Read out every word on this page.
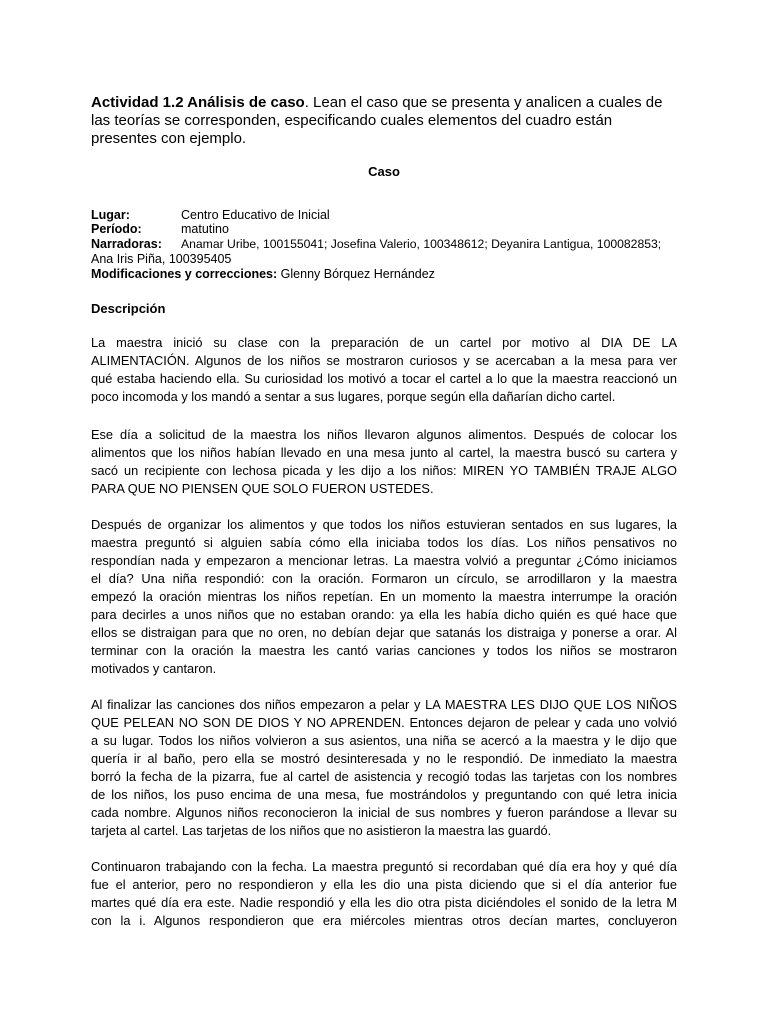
Actividad 1.2 Análisis de caso. Lean el caso que se presenta y analicen a cuales de las teorías se corresponden, especificando cuales elementos del cuadro están presentes con ejemplo.
Caso
Lugar:	Centro Educativo de Inicial
Período:	matutino
Narradoras: Anamar Uribe, 100155041; Josefina Valerio, 100348612; Deyanira Lantigua, 100082853;
Ana Iris Piña, 100395405
Modificaciones y correcciones: Glenny Bórquez Hernández
Descripción
La maestra inició su clase con la preparación de un cartel por motivo al DIA DE LA
ALIMENTACIÓN. Algunos de los niños se mostraron curiosos y se acercaban a la mesa para ver
qué estaba haciendo ella. Su curiosidad los motivó a tocar el cartel a lo que la maestra reaccionó un
poco incomoda y los mandó a sentar a sus lugares, porque según ella dañarían dicho cartel.
Ese día a solicitud de la maestra los niños llevaron algunos alimentos. Después de colocar los
alimentos que los niños habían llevado en una mesa junto al cartel, la maestra buscó su cartera y
sacó un recipiente con lechosa picada y les dijo a los niños: MIREN YO TAMBIÉN TRAJE ALGO
PARA QUE NO PIENSEN QUE SOLO FUERON USTEDES.
Después de organizar los alimentos y que todos los niños estuvieran sentados en sus lugares, la
maestra preguntó si alguien sabía cómo ella iniciaba todos los días. Los niños pensativos no
respondían nada y empezaron a mencionar letras. La maestra volvió a preguntar ¿Cómo iniciamos
el día? Una niña respondió: con la oración. Formaron un círculo, se arrodillaron y la maestra
empezó la oración mientras los niños repetían. En un momento la maestra interrumpe la oración
para decirles a unos niños que no estaban orando: ya ella les había dicho quién es qué hace que
ellos se distraigan para que no oren, no debían dejar que satanás los distraiga y ponerse a orar. Al
terminar con la oración la maestra les cantó varias canciones y todos los niños se mostraron
motivados y cantaron.
Al finalizar las canciones dos niños empezaron a pelar y LA MAESTRA LES DIJO QUE LOS NIÑOS
QUE PELEAN NO SON DE DIOS Y NO APRENDEN. Entonces dejaron de pelear y cada uno volvió
a su lugar. Todos los niños volvieron a sus asientos, una niña se acercó a la maestra y le dijo que
quería ir al baño, pero ella se mostró desinteresada y no le respondió. De inmediato la maestra
borró la fecha de la pizarra, fue al cartel de asistencia y recogió todas las tarjetas con los nombres
de los niños, los puso encima de una mesa, fue mostrándolos y preguntando con qué letra inicia
cada nombre. Algunos niños reconocieron la inicial de sus nombres y fueron parándose a llevar su
tarjeta al cartel. Las tarjetas de los niños que no asistieron la maestra las guardó.
Continuaron trabajando con la fecha. La maestra preguntó si recordaban qué día era hoy y qué día
fue el anterior, pero no respondieron y ella les dio una pista diciendo que si el día anterior fue
martes qué día era este. Nadie respondió y ella les dio otra pista diciéndoles el sonido de la letra M
con la i. Algunos respondieron que era miércoles mientras otros decían martes, concluyeron
